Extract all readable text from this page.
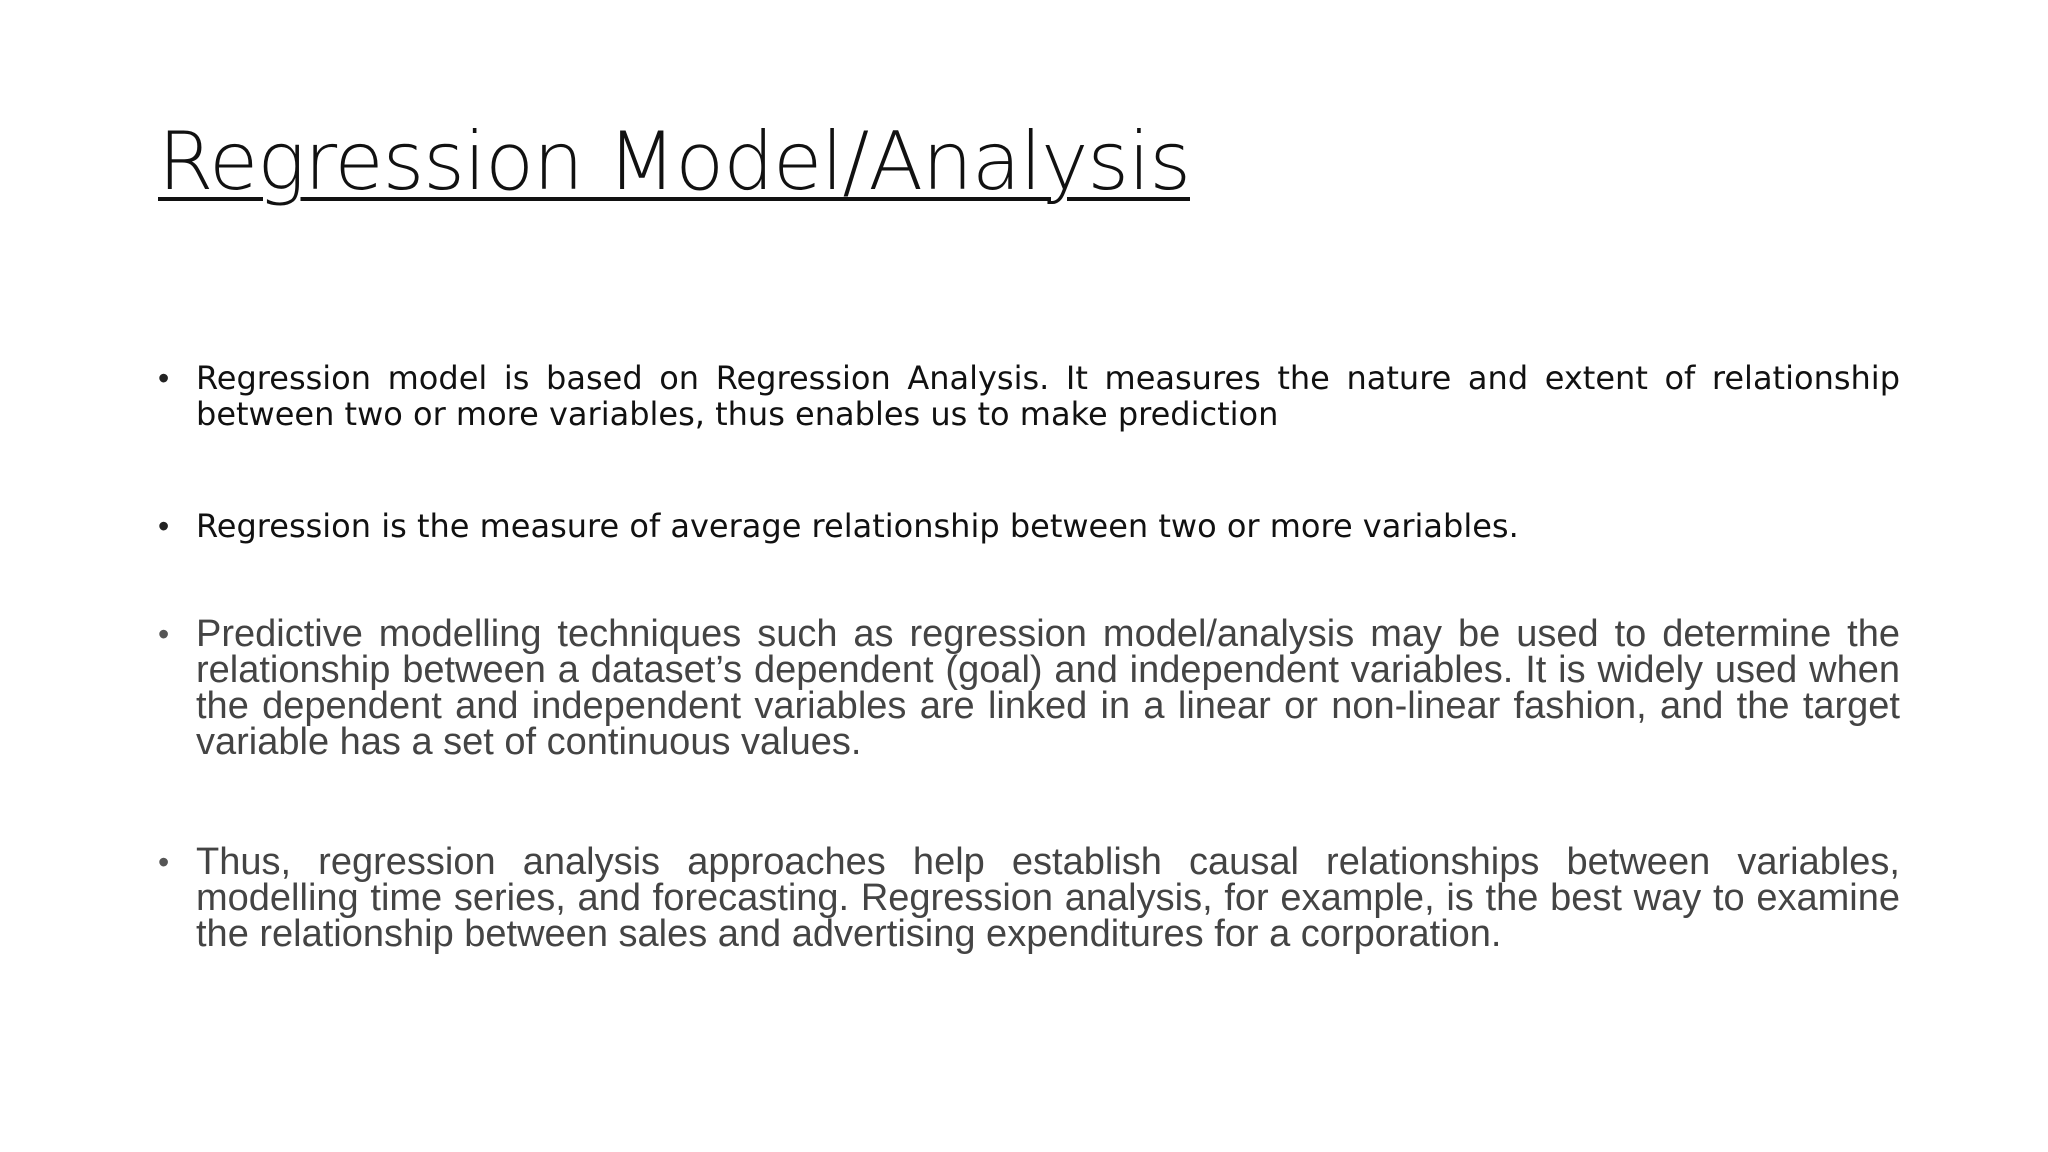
Regression Model/Analysis
• Regression model is based on Regression Analysis. It measures the nature and extent of relationship between two or more variables, thus enables us to make prediction
• Regression is the measure of average relationship between two or more variables.
• Predictive modelling techniques such as regression model/analysis may be used to determine the relationship between a dataset’s dependent (goal) and independent variables. It is widely used when the dependent and independent variables are linked in a linear or non-linear fashion, and the target variable has a set of continuous values.
• Thus, regression analysis approaches help establish causal relationships between variables, modelling time series, and forecasting. Regression analysis, for example, is the best way to examine the relationship between sales and advertising expenditures for a corporation.
